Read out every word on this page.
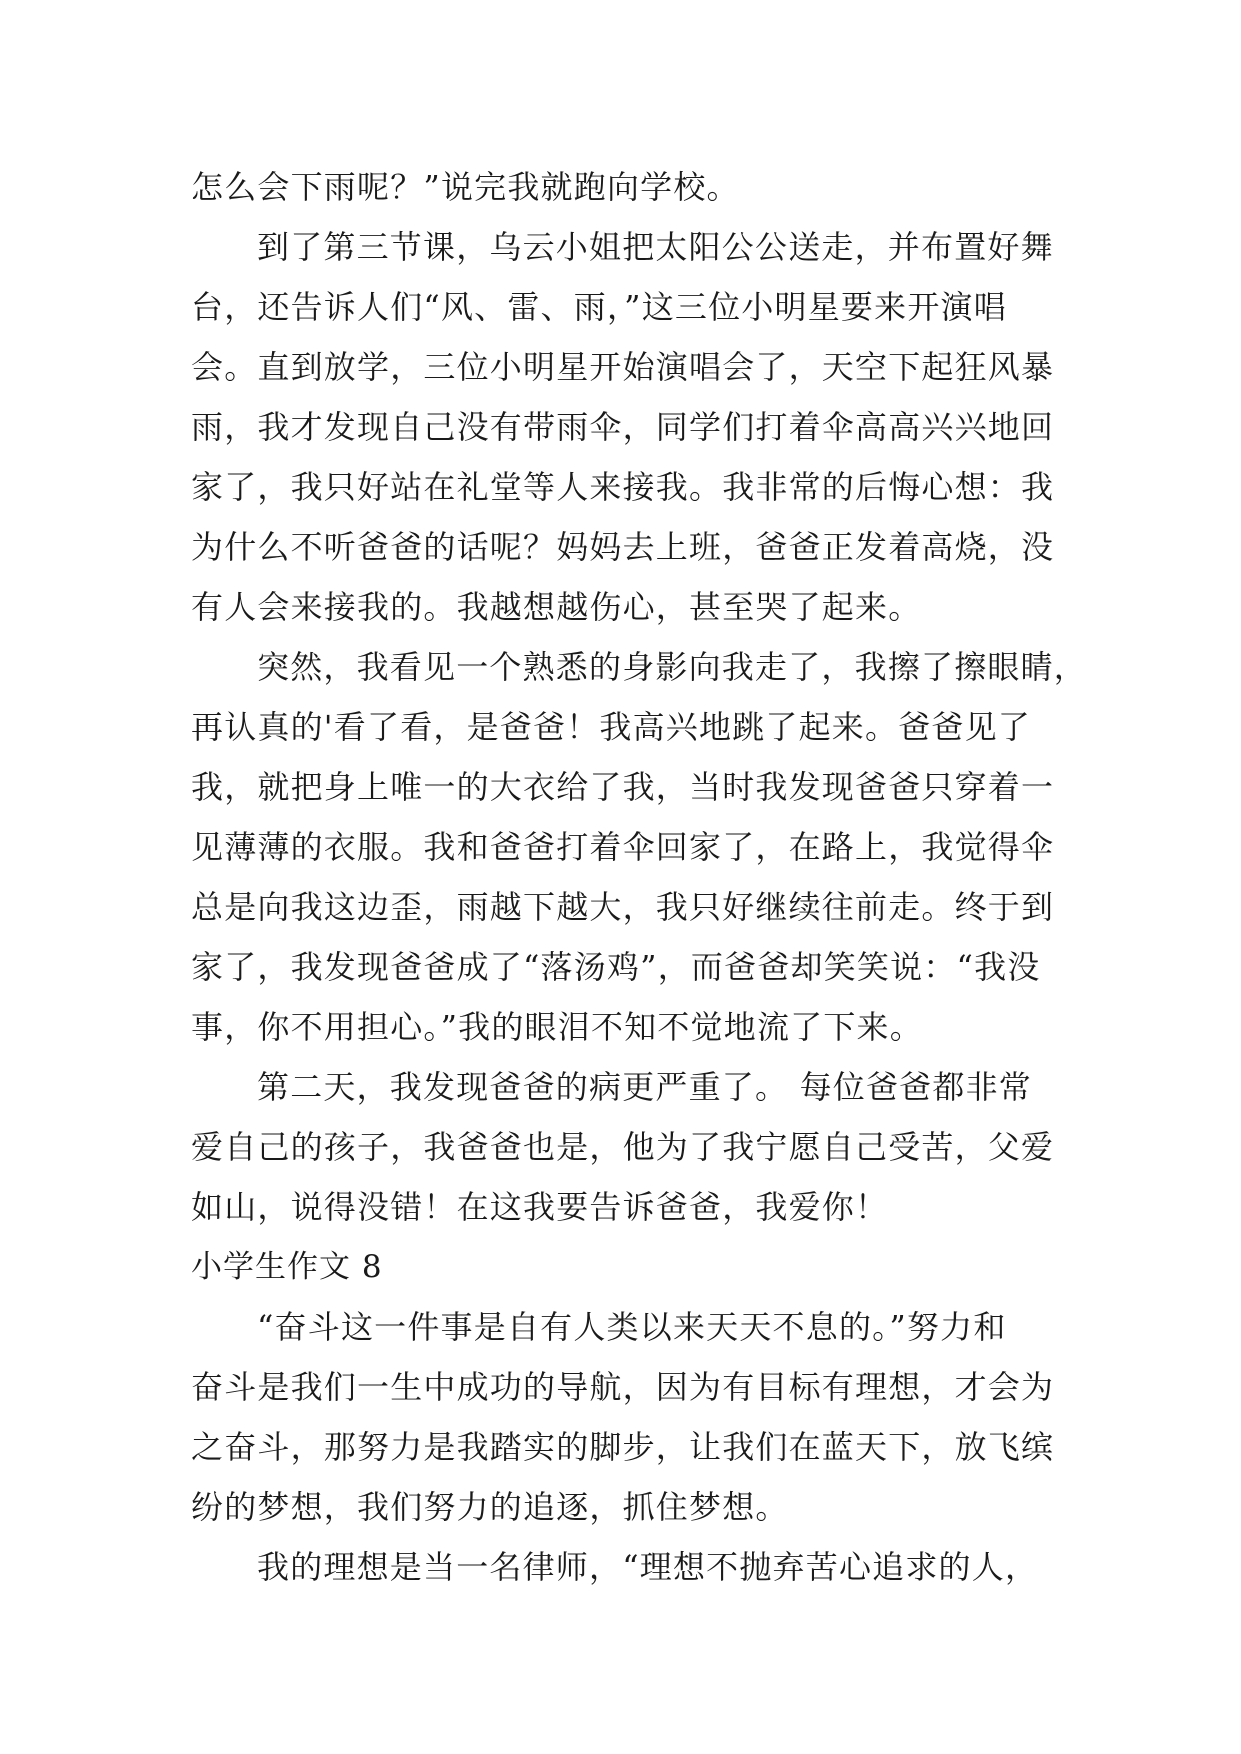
怎么会下雨呢？”说完我就跑向学校。
到了第三节课，乌云小姐把太阳公公送走，并布置好舞
台，还告诉人们“风、雷、雨，”这三位小明星要来开演唱
会。直到放学，三位小明星开始演唱会了，天空下起狂风暴
雨，我才发现自己没有带雨伞，同学们打着伞高高兴兴地回
家了，我只好站在礼堂等人来接我。我非常的后悔心想：我
为什么不听爸爸的话呢？妈妈去上班，爸爸正发着高烧，没
有人会来接我的。我越想越伤心，甚至哭了起来。
突然，我看见一个熟悉的身影向我走了，我擦了擦眼睛，
再认真的'看了看，是爸爸！我高兴地跳了起来。爸爸见了
我，就把身上唯一的大衣给了我，当时我发现爸爸只穿着一
见薄薄的衣服。我和爸爸打着伞回家了，在路上，我觉得伞
总是向我这边歪，雨越下越大，我只好继续往前走。终于到
家了，我发现爸爸成了“落汤鸡”，而爸爸却笑笑说：“我没
事，你不用担心。”我的眼泪不知不觉地流了下来。
第二天，我发现爸爸的病更严重了。 每位爸爸都非常
爱自己的孩子，我爸爸也是，他为了我宁愿自己受苦，父爱
如山，说得没错！在这我要告诉爸爸，我爱你！
小学生作文 8
“奋斗这一件事是自有人类以来天天不息的。”努力和
奋斗是我们一生中成功的导航，因为有目标有理想，才会为
之奋斗，那努力是我踏实的脚步，让我们在蓝天下，放飞缤
纷的梦想，我们努力的追逐，抓住梦想。
我的理想是当一名律师，“理想不抛弃苦心追求的人，
